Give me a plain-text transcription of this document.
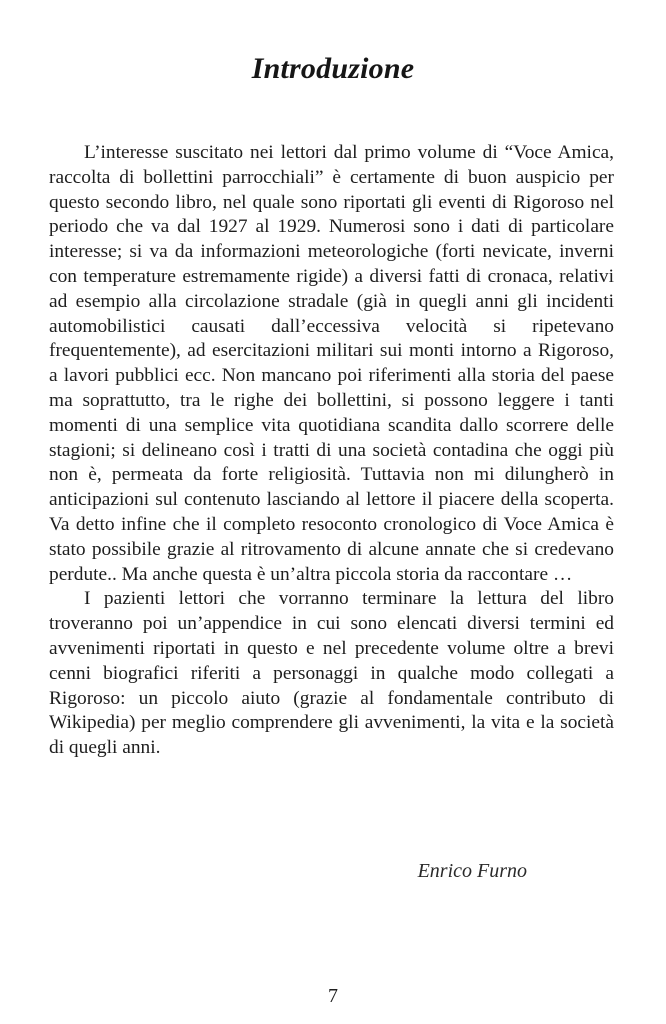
Introduzione

L’interesse suscitato nei lettori dal primo volume di “Voce Amica, raccolta di bollettini parrocchiali” è certamente di buon auspicio per questo secondo libro, nel quale sono riportati gli eventi di Rigoroso nel periodo che va dal 1927 al 1929. Numerosi sono i dati di particolare interesse; si va da informazioni meteorologiche (forti nevicate, inverni con temperature estremamente rigide) a diversi fatti di cronaca, relativi ad esempio alla circolazione stradale (già in quegli anni gli incidenti automobilistici causati dall’eccessiva velocità si ripetevano frequentemente), ad esercitazioni militari sui monti intorno a Rigoroso, a lavori pubblici ecc. Non mancano poi riferimenti alla storia del paese ma soprattutto, tra le righe dei bollettini, si possono leggere i tanti momenti di una semplice vita quotidiana scandita dallo scorrere delle stagioni; si delineano così i tratti di una società contadina che oggi più non è, permeata da forte religiosità. Tuttavia non mi dilungherò in anticipazioni sul contenuto lasciando al lettore il piacere della scoperta. Va detto infine che il completo resoconto cronologico di Voce Amica è stato possibile grazie al ritrovamento di alcune annate che si credevano perdute.. Ma anche questa è un’altra piccola storia da raccontare …

I pazienti lettori che vorranno terminare la lettura del libro troveranno poi un’appendice in cui sono elencati diversi termini ed avvenimenti riportati in questo e nel precedente volume oltre a brevi cenni biografici riferiti a personaggi in qualche modo collegati a Rigoroso: un piccolo aiuto (grazie al fondamentale contributo di Wikipedia) per meglio comprendere gli avvenimenti, la vita e la società di quegli anni.

Enrico Furno
7
